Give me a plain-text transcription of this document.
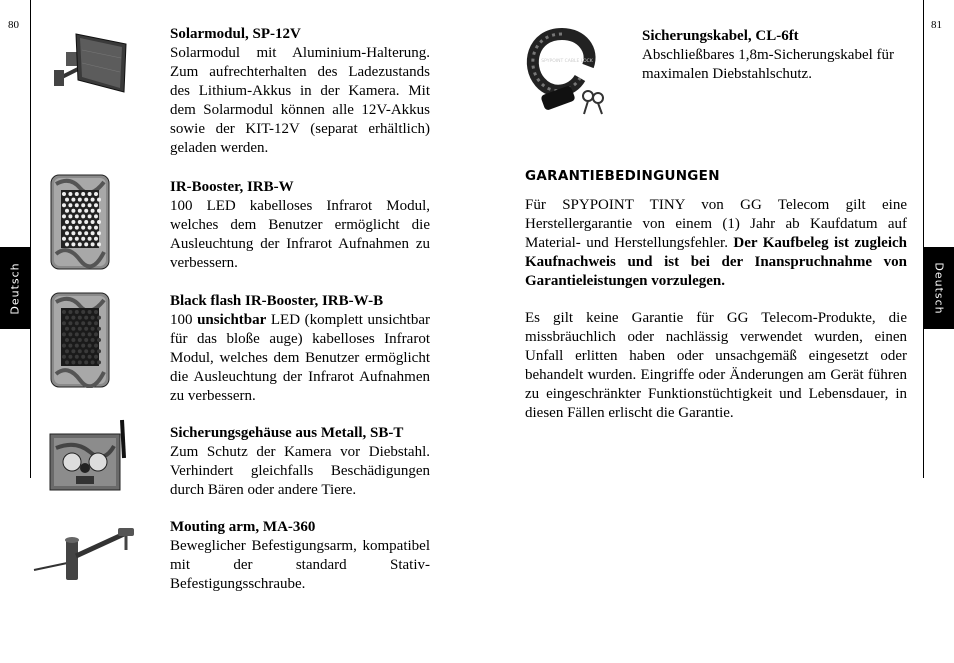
80	81
Deutsch	Deutsch
Solarmodul, SP-12V

Solarmodul mit Aluminium-Halterung. Zum aufrechterhalten des Ladezustands des Lithium-Akkus in der Kamera. Mit dem Solarmodul können alle 12V-Akkus sowie der KIT-12V (separat erhältlich) geladen werden.

IR-Booster, IRB-W

100 LED kabelloses Infrarot Modul, welches dem Benutzer ermöglicht die Ausleuchtung der Infrarot Aufnahmen zu verbessern.

Black flash IR-Booster, IRB-W-B

100 unsichtbar LED (komplett unsichtbar für das bloße auge) kabelloses Infrarot Modul, welches dem Benutzer ermöglicht die Ausleuchtung der Infrarot Aufnahmen zu verbessern.

Sicherungsgehäuse aus Metall, SB-T

Zum Schutz der Kamera vor Diebstahl. Verhindert gleichfalls Beschädigungen durch Bären oder andere Tiere.

Mouting arm, MA-360

Beweglicher Befestigungsarm, kompatibel mit der standard Stativ-Befestigungsschraube.

SPYPOINT CABLE LOCK
Sicherungskabel, CL-6ft

Abschließbares 1,8m-Sicherungskabel für maximalen Diebstahlschutz.

GARANTIEBEDINGUNGEN

Für SPYPOINT TINY von GG Telecom gilt eine Herstellergarantie von einem (1) Jahr ab Kaufdatum auf Material- und Herstellungsfehler. Der Kaufbeleg ist zugleich Kaufnachweis und ist bei der Inanspruchnahme von Garantieleistungen vorzulegen.

Es gilt keine Garantie für GG Telecom-Produkte, die missbräuchlich oder nachlässig verwendet wurden, einen Unfall erlitten haben oder unsachgemäß eingesetzt oder behandelt wurden. Eingriffe oder Änderungen am Gerät führen zu eingeschränkter Funktionstüchtigkeit und Lebensdauer, in diesen Fällen erlischt die Garantie.
